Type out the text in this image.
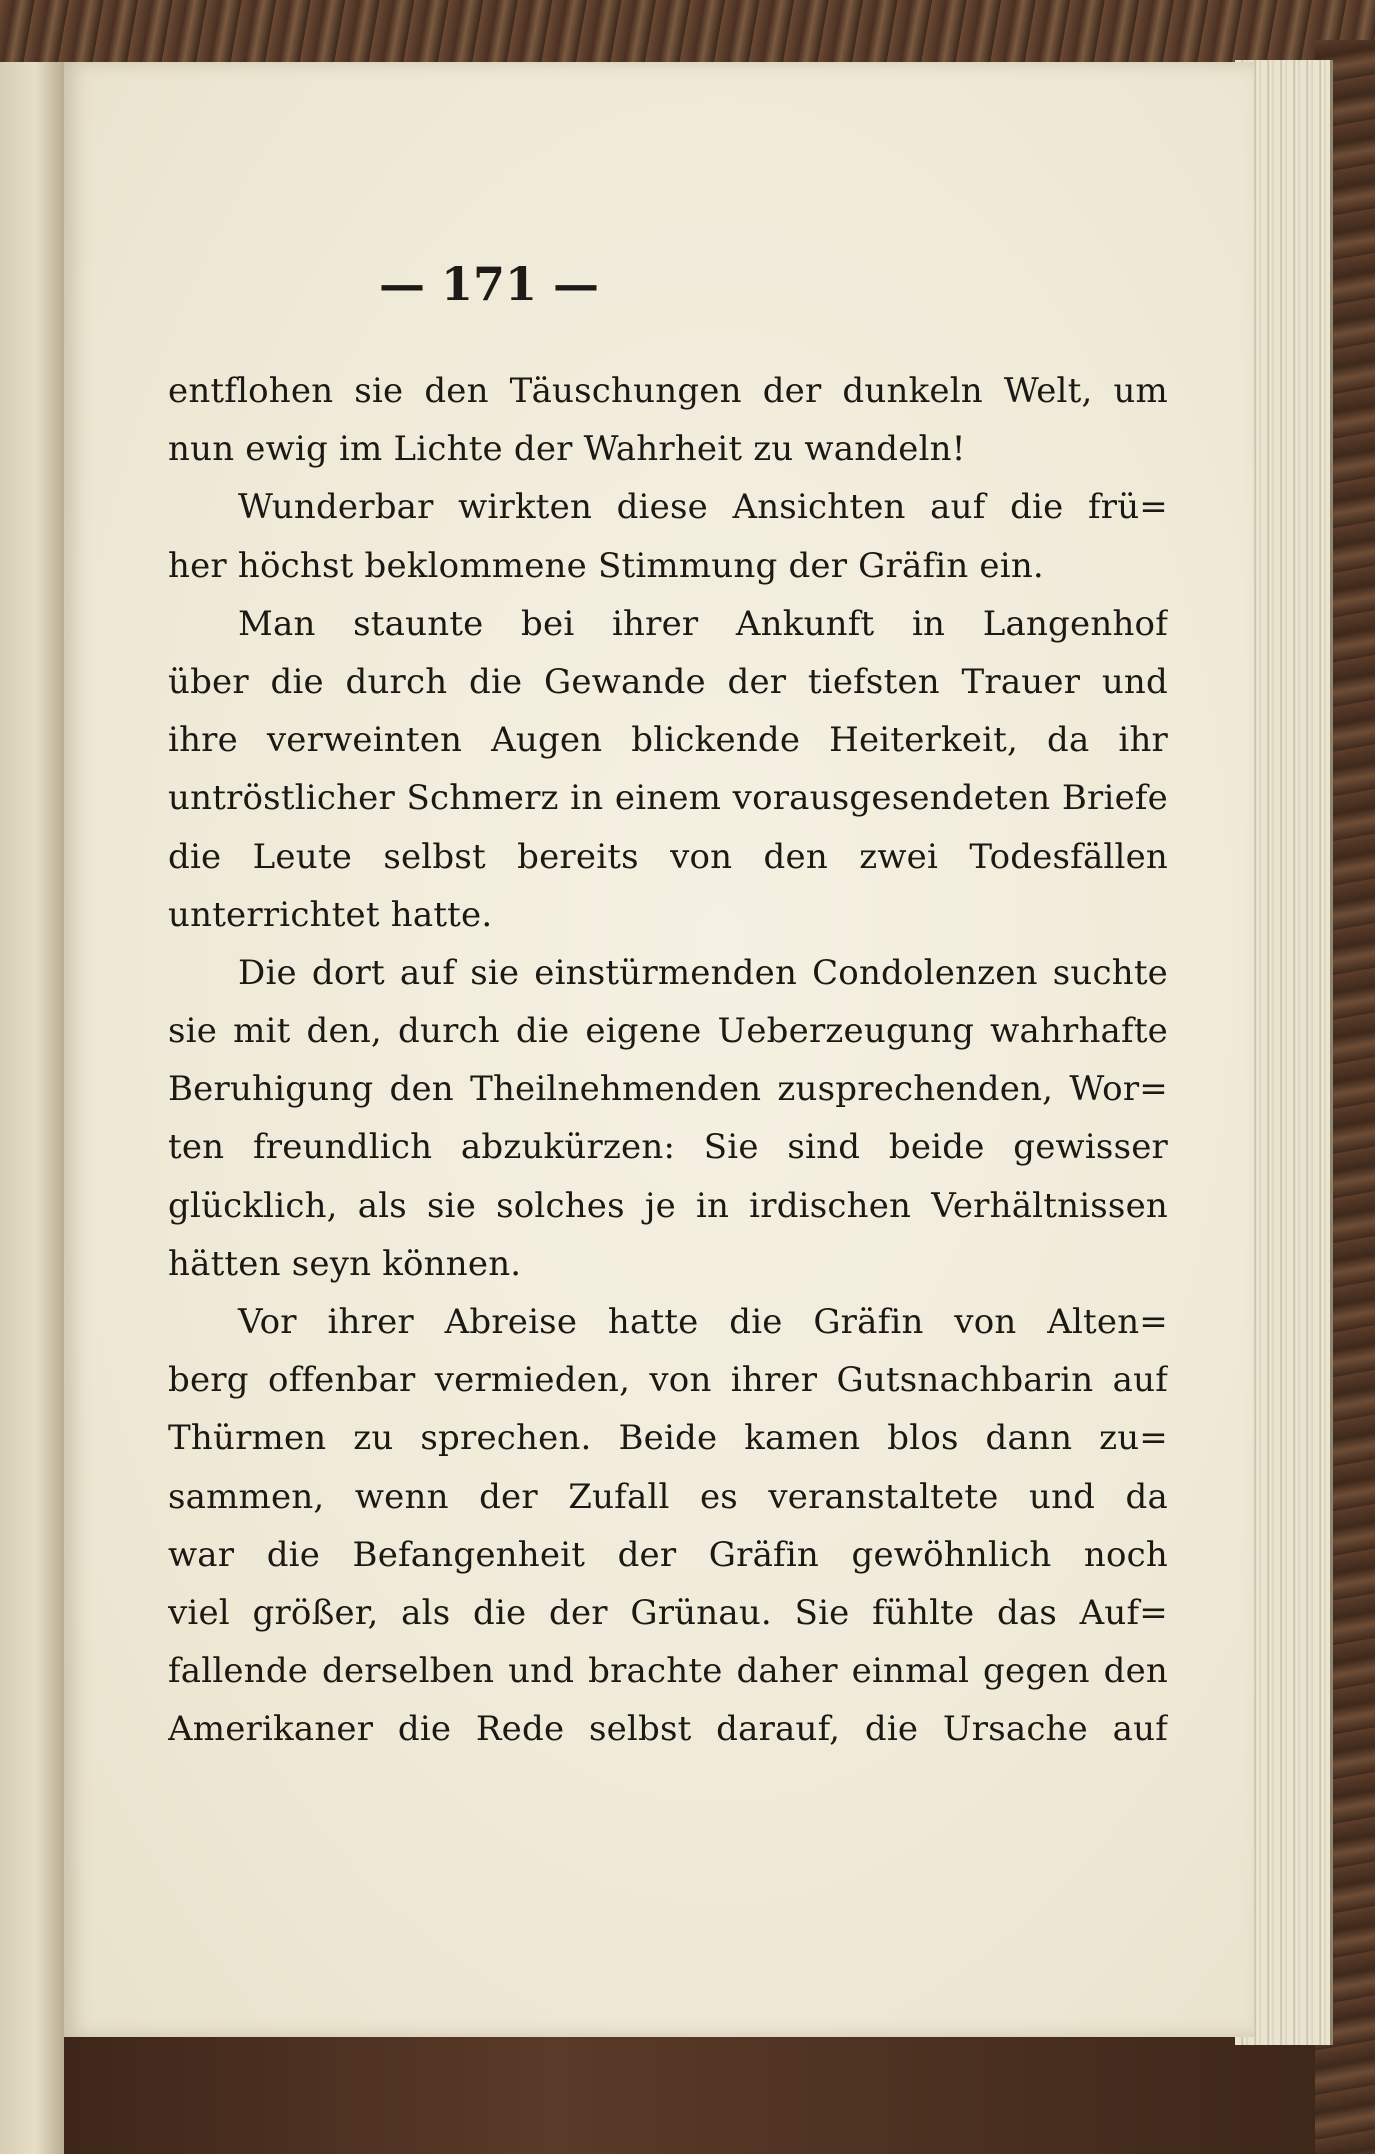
— 171 —
entflohen sie den Täuschungen der dunkeln Welt, um
nun ewig im Lichte der Wahrheit zu wandeln!
Wunderbar wirkten diese Ansichten auf die frü=
her höchst beklommene Stimmung der Gräfin ein.
Man staunte bei ihrer Ankunft in Langenhof
über die durch die Gewande der tiefsten Trauer und
ihre verweinten Augen blickende Heiterkeit, da ihr
untröstlicher Schmerz in einem vorausgesendeten Briefe
die Leute selbst bereits von den zwei Todesfällen
unterrichtet hatte.
Die dort auf sie einstürmenden Condolenzen suchte
sie mit den, durch die eigene Ueberzeugung wahrhafte
Beruhigung den Theilnehmenden zusprechenden, Wor=
ten freundlich abzukürzen: Sie sind beide gewisser
glücklich, als sie solches je in irdischen Verhältnissen
hätten seyn können.
Vor ihrer Abreise hatte die Gräfin von Alten=
berg offenbar vermieden, von ihrer Gutsnachbarin auf
Thürmen zu sprechen. Beide kamen blos dann zu=
sammen, wenn der Zufall es veranstaltete und da
war die Befangenheit der Gräfin gewöhnlich noch
viel größer, als die der Grünau. Sie fühlte das Auf=
fallende derselben und brachte daher einmal gegen den
Amerikaner die Rede selbst darauf, die Ursache auf
